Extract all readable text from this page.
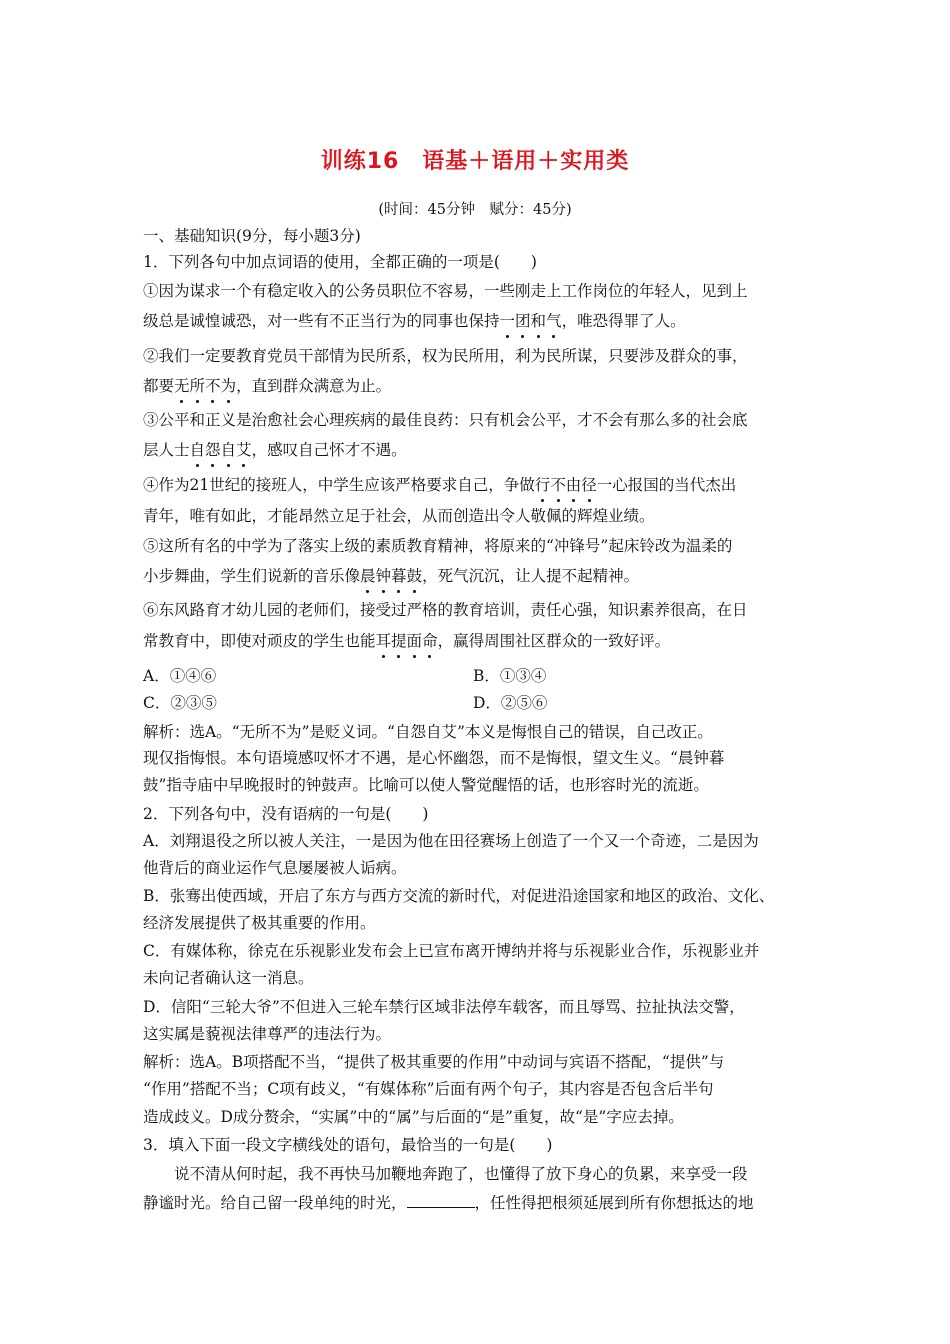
训练16　语基＋语用＋实用类
(时间：45分钟　赋分：45分)
一、基础知识(9分，每小题3分)
1．下列各句中加点词语的使用，全都正确的一项是(　　)
①因为谋求一个有稳定收入的公务员职位不容易，一些刚走上工作岗位的年轻人，见到上
级总是诚惶诚恐，对一些有不正当行为的同事也保持一团和气，唯恐得罪了人。
②我们一定要教育党员干部情为民所系，权为民所用，利为民所谋，只要涉及群众的事，
都要无所不为，直到群众满意为止。
③公平和正义是治愈社会心理疾病的最佳良药：只有机会公平，才不会有那么多的社会底
层人士自怨自艾，感叹自己怀才不遇。
④作为21世纪的接班人，中学生应该严格要求自己，争做行不由径一心报国的当代杰出
青年，唯有如此，才能昂然立足于社会，从而创造出令人敬佩的辉煌业绩。
⑤这所有名的中学为了落实上级的素质教育精神，将原来的“冲锋号”起床铃改为温柔的
小步舞曲，学生们说新的音乐像晨钟暮鼓，死气沉沉，让人提不起精神。
⑥东风路育才幼儿园的老师们，接受过严格的教育培训，责任心强，知识素养很高，在日
常教育中，即使对顽皮的学生也能耳提面命，赢得周围社区群众的一致好评。
A．①④⑥	B．①③④
C．②③⑤	D．②⑤⑥
解析：选A。“无所不为”是贬义词。“自怨自艾”本义是悔恨自己的错误，自己改正。
现仅指悔恨。本句语境感叹怀才不遇，是心怀幽怨，而不是悔恨，望文生义。“晨钟暮
鼓”指寺庙中早晚报时的钟鼓声。比喻可以使人警觉醒悟的话，也形容时光的流逝。
2．下列各句中，没有语病的一句是(　　)
A．刘翔退役之所以被人关注，一是因为他在田径赛场上创造了一个又一个奇迹，二是因为
他背后的商业运作气息屡屡被人诟病。
B．张骞出使西域，开启了东方与西方交流的新时代，对促进沿途国家和地区的政治、文化、
经济发展提供了极其重要的作用。
C．有媒体称，徐克在乐视影业发布会上已宣布离开博纳并将与乐视影业合作，乐视影业并
未向记者确认这一消息。
D．信阳“三轮大爷”不但进入三轮车禁行区域非法停车载客，而且辱骂、拉扯执法交警，
这实属是藐视法律尊严的违法行为。
解析：选A。B项搭配不当，“提供了极其重要的作用”中动词与宾语不搭配，“提供”与
“作用”搭配不当；C项有歧义，“有媒体称”后面有两个句子，其内容是否包含后半句
造成歧义。D成分赘余，“实属”中的“属”与后面的“是”重复，故“是”字应去掉。
3．填入下面一段文字横线处的语句，最恰当的一句是(　　)
说不清从何时起，我不再快马加鞭地奔跑了，也懂得了放下身心的负累，来享受一段
静谧时光。给自己留一段单纯的时光，	，任性得把根须延展到所有你想抵达的地
